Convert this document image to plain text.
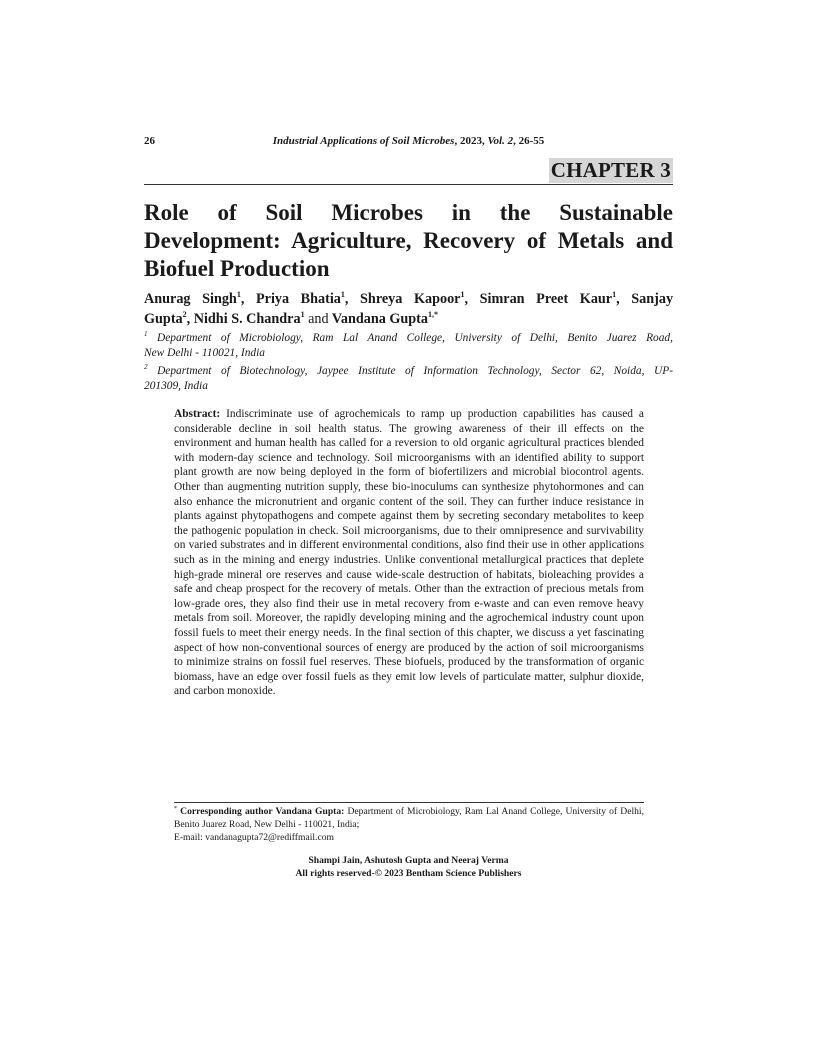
26	Industrial Applications of Soil Microbes, 2023, Vol. 2, 26-55
CHAPTER 3
Role of Soil Microbes in the Sustainable
Development: Agriculture, Recovery of Metals and Biofuel Production
Anurag Singh$^1$, Priya Bhatia$^1$, Shreya Kapoor$^1$, Simran Preet Kaur$^1$, Sanjay
Gupta$^2$, Nidhi S. Chandra$^1$ and Vandana Gupta$^{1,*}$
$^1$ Department of Microbiology, Ram Lal Anand College, University of Delhi, Benito Juarez Road,
New Delhi - 110021, India
$^2$ Department of Biotechnology, Jaypee Institute of Information Technology, Sector 62, Noida, UP-
201309, India
Abstract: Indiscriminate use of agrochemicals to ramp up production capabilities has caused a considerable decline in soil health status. The growing awareness of their ill effects on the environment and human health has called for a reversion to old organic agricultural practices blended with modern-day science and technology. Soil microorganisms with an identified ability to support plant growth are now being deployed in the form of biofertilizers and microbial biocontrol agents. Other than augmenting nutrition supply, these bio-inoculums can synthesize phytohormones and can also enhance the micronutrient and organic content of the soil. They can further induce resistance in plants against phytopathogens and compete against them by secreting secondary metabolites to keep the pathogenic population in check. Soil microorganisms, due to their omnipresence and survivability on varied substrates and in different environmental conditions, also find their use in other applications such as in the mining and energy industries. Unlike conventional metallurgical practices that deplete high-grade mineral ore reserves and cause wide-scale destruction of habitats, bioleaching provides a safe and cheap prospect for the recovery of metals. Other than the extraction of precious metals from low-grade ores, they also find their use in metal recovery from e-waste and can even remove heavy metals from soil. Moreover, the rapidly developing mining and the agrochemical industry count upon fossil fuels to meet their energy needs. In the final section of this chapter, we discuss a yet fascinating aspect of how non-conventional sources of energy are produced by the action of soil microorganisms to minimize strains on fossil fuel reserves. These biofuels, produced by the transformation of organic biomass, have an edge over fossil fuels as they emit low levels of particulate matter, sulphur dioxide, and carbon monoxide.
* Corresponding author Vandana Gupta: Department of Microbiology, Ram Lal Anand College, University of Delhi, Benito Juarez Road, New Delhi - 110021, India;
E-mail: vandanagupta72@rediffmail.com
Shampi Jain, Ashutosh Gupta and Neeraj Verma
All rights reserved-© 2023 Bentham Science Publishers
